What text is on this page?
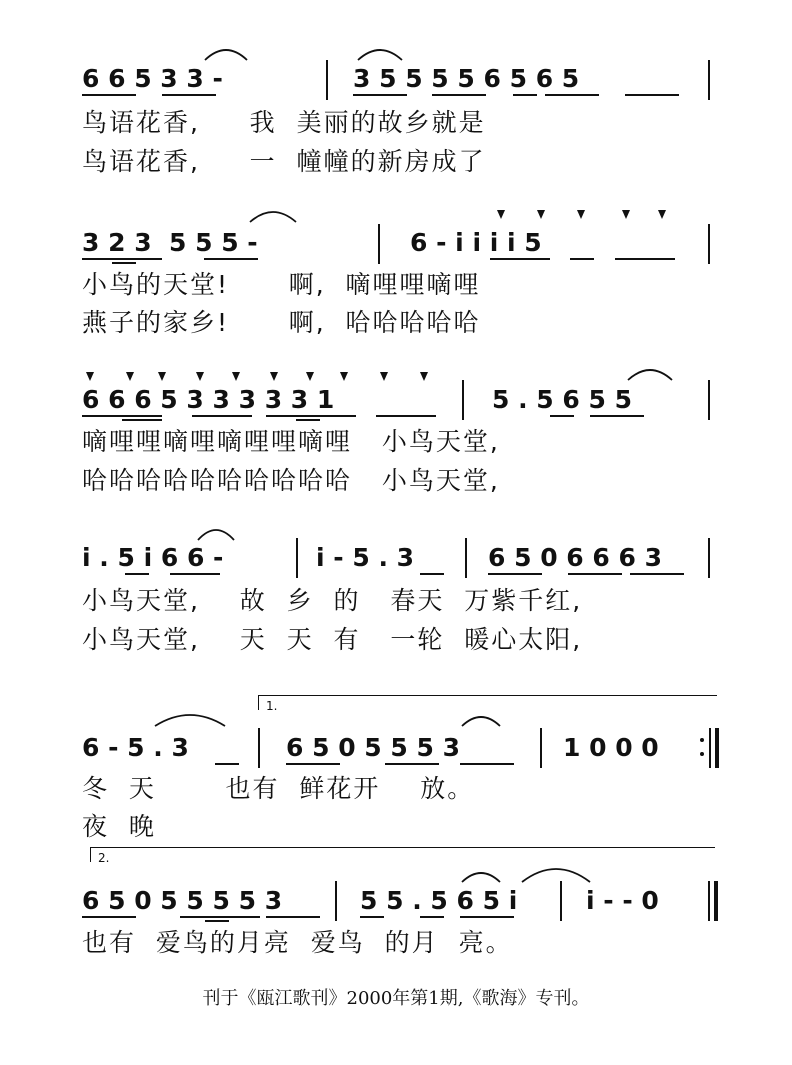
6 6 5 3 3 -	3 5 5 5 5 6 5 6 5
鸟语花香,     我  美丽的故乡就是
鸟语花香,     一  幢幢的新房成了
3 2 3  5 5 5 -	6 - i i i i 5
小鸟的天堂!      啊,  嘀哩哩嘀哩
燕子的家乡!      啊,  哈哈哈哈哈
6 6 6 5 3 3 3 3 3 1	5 . 5 6 5 5
嘀哩哩嘀哩嘀哩哩嘀哩   小鸟天堂,
哈哈哈哈哈哈哈哈哈哈   小鸟天堂,
i . 5 i 6 6 -	i - 5 . 3	6 5 0 6 6 6 3
小鸟天堂,    故  乡  的   春天  万紫千红,
小鸟天堂,    天  天  有   一轮  暖心太阳,
1.
6 - 5 . 3	6 5 0 5 5 5 3	1 0 0 0
冬  天       也有  鲜花开    放。
夜  晚
2.
6 5 0 5 5 5 5 3	5 5 . 5 6 5 i	i - - 0
也有  爱鸟的月亮  爱鸟  的月  亮。
刊于《瓯江歌刊》2000年第1期,《歌海》专刊。
